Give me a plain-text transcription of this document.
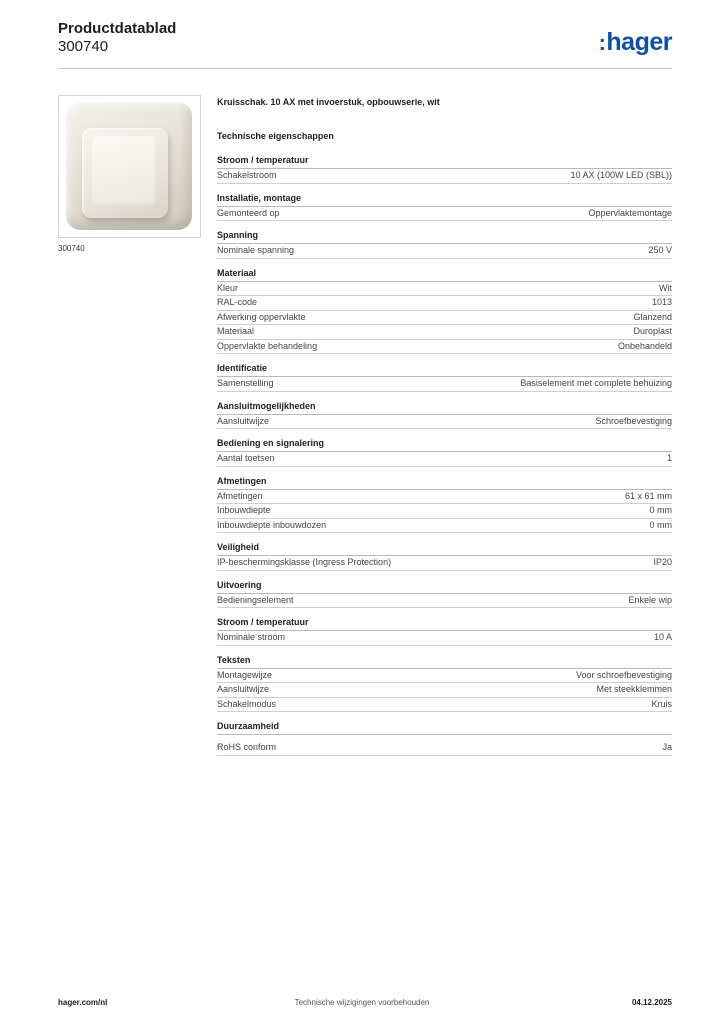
Productdatablad
300740	:hager
300740
Kruisschak. 10 AX met invoerstuk, opbouwserie, wit
Technische eigenschappen
Stroom / temperatuur
Schakelstroom	10 AX (100W LED (SBL))
Installatie, montage
Gemonteerd op	Oppervlaktemontage
Spanning
Nominale spanning	250 V
Materiaal
Kleur	Wit
RAL-code	1013
Afwerking oppervlakte	Glanzend
Materiaal	Duroplast
Oppervlakte behandeling	Onbehandeld
Identificatie
Samenstelling	Basiselement met complete behuizing
Aansluitmogelijkheden
Aansluitwijze	Schroefbevestiging
Bediening en signalering
Aantal toetsen	1
Afmetingen
Afmetingen	61 x 61 mm
Inbouwdiepte	0 mm
Inbouwdiepte inbouwdozen	0 mm
Veiligheid
IP-beschermingsklasse (Ingress Protection)	IP20
Uitvoering
Bedieningselement	Enkele wip
Stroom / temperatuur
Nominale stroom	10 A
Teksten
Montagewijze	Voor schroefbevestiging
Aansluitwijze	Met steekklemmen
Schakelmodus	Kruis
Duurzaamheid
RoHS conform	Ja
hager.com/nl	Technische wijzigingen voorbehouden	04.12.2025
